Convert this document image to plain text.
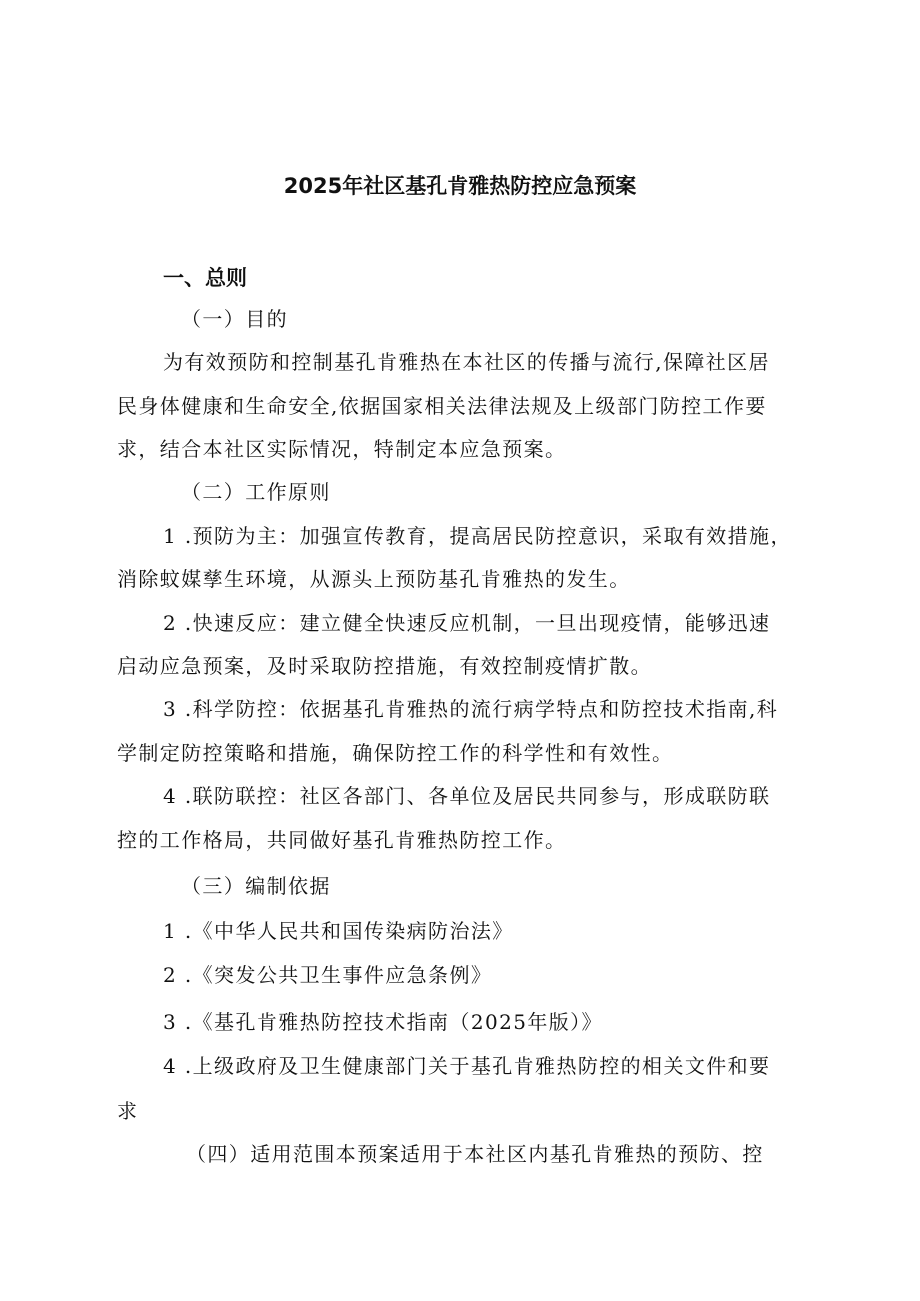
2025年社区基孔肯雅热防控应急预案
一、总则
（一）目的
为有效预防和控制基孔肯雅热在本社区的传播与流行,保障社区居
民身体健康和生命安全,依据国家相关法律法规及上级部门防控工作要
求，结合本社区实际情况，特制定本应急预案。
（二）工作原则
1 .预防为主：加强宣传教育，提高居民防控意识，采取有效措施，
消除蚊媒孳生环境，从源头上预防基孔肯雅热的发生。
2 .快速反应：建立健全快速反应机制，一旦出现疫情，能够迅速
启动应急预案，及时采取防控措施，有效控制疫情扩散。
3 .科学防控：依据基孔肯雅热的流行病学特点和防控技术指南,科
学制定防控策略和措施，确保防控工作的科学性和有效性。
4 .联防联控：社区各部门、各单位及居民共同参与，形成联防联
控的工作格局，共同做好基孔肯雅热防控工作。
（三）编制依据
1 .《中华人民共和国传染病防治法》
2 .《突发公共卫生事件应急条例》
3 .《基孔肯雅热防控技术指南（2025年版）》
4 .上级政府及卫生健康部门关于基孔肯雅热防控的相关文件和要
求
（四）适用范围本预案适用于本社区内基孔肯雅热的预防、控
